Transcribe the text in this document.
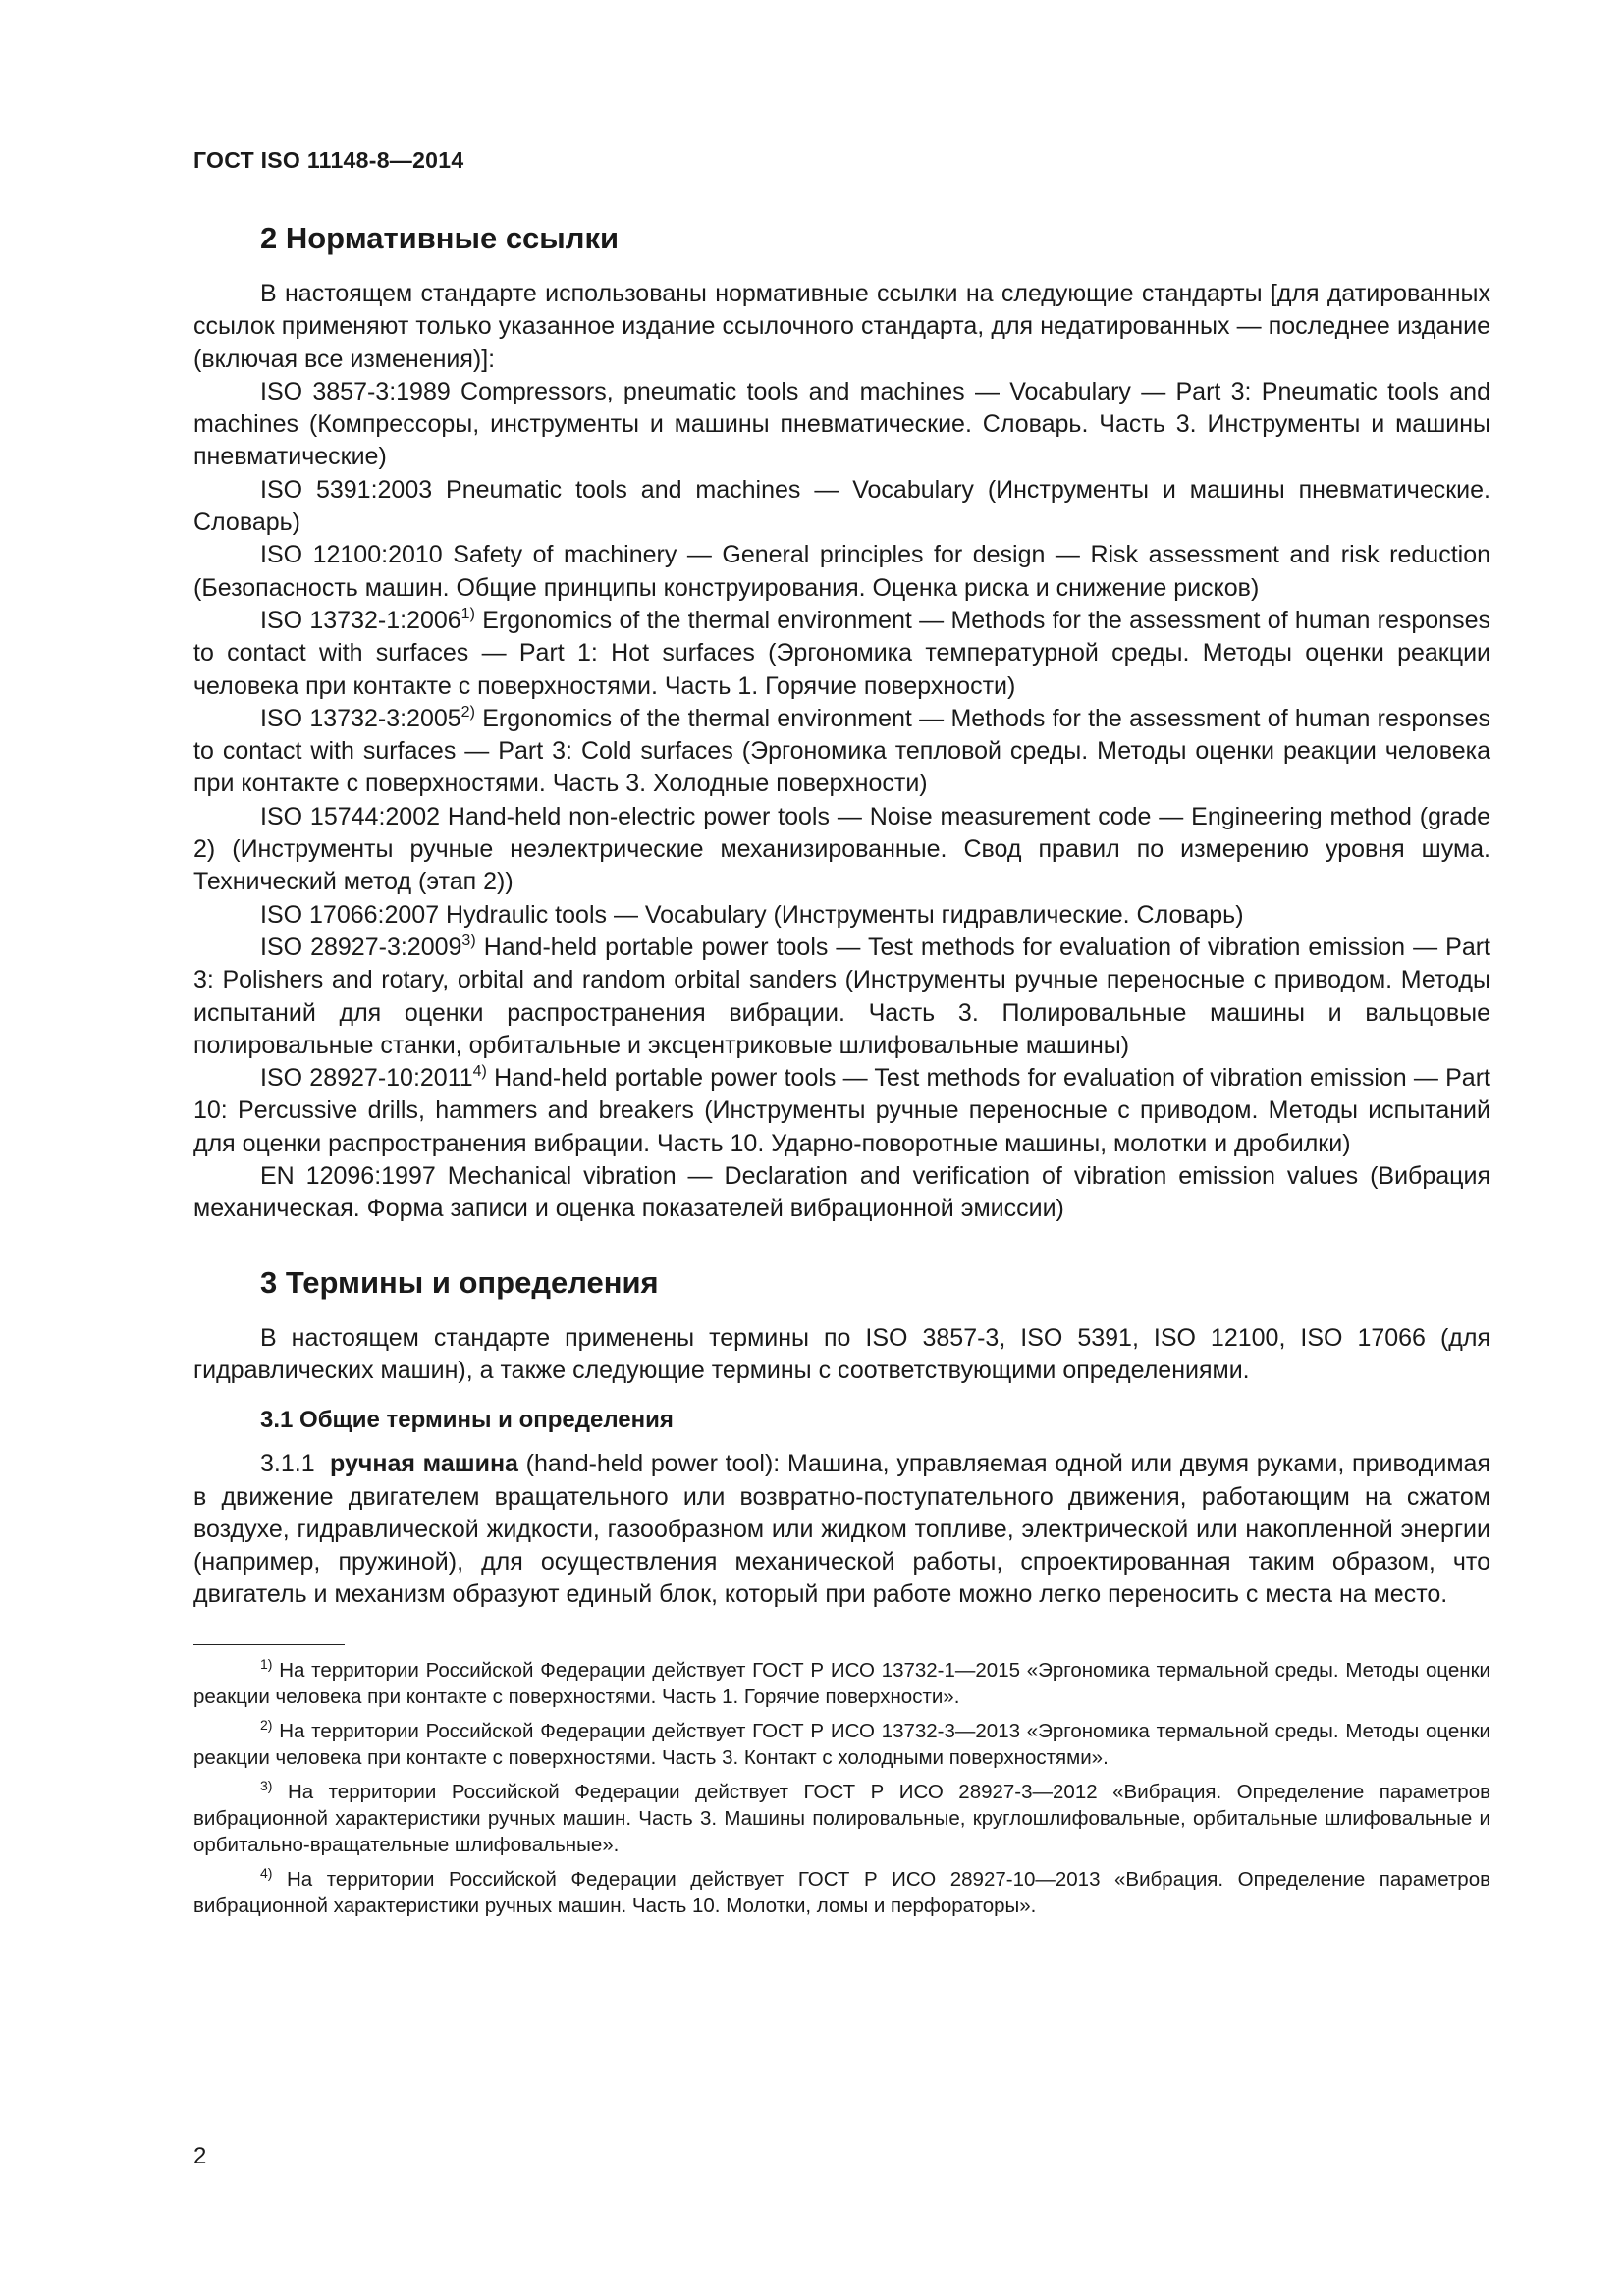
ГОСТ ISO 11148-8—2014
2 Нормативные ссылки

В настоящем стандарте использованы нормативные ссылки на следующие стандарты [для датированных ссылок применяют только указанное издание ссылочного стандарта, для недатированных — последнее издание (включая все изменения)]:

ISO 3857-3:1989 Compressors, pneumatic tools and machines — Vocabulary — Part 3: Pneumatic tools and machines (Компрессоры, инструменты и машины пневматические. Словарь. Часть 3. Инструменты и машины пневматические)

ISO 5391:2003 Pneumatic tools and machines — Vocabulary (Инструменты и машины пневматические. Словарь)

ISO 12100:2010 Safety of machinery — General principles for design — Risk assessment and risk reduction (Безопасность машин. Общие принципы конструирования. Оценка риска и снижение рисков)

ISO 13732-1:2006$^{1)}$ Ergonomics of the thermal environment — Methods for the assessment of human responses to contact with surfaces — Part 1: Hot surfaces (Эргономика температурной среды. Методы оценки реакции человека при контакте с поверхностями. Часть 1. Горячие поверхности)

ISO 13732-3:2005$^{2)}$ Ergonomics of the thermal environment — Methods for the assessment of human responses to contact with surfaces — Part 3: Cold surfaces (Эргономика тепловой среды. Методы оценки реакции человека при контакте с поверхностями. Часть 3. Холодные поверхности)

ISO 15744:2002 Hand-held non-electric power tools — Noise measurement code — Engineering method (grade 2) (Инструменты ручные неэлектрические механизированные. Свод правил по измерению уровня шума. Технический метод (этап 2))

ISO 17066:2007 Hydraulic tools — Vocabulary (Инструменты гидравлические. Словарь)

ISO 28927-3:2009$^{3)}$ Hand-held portable power tools — Test methods for evaluation of vibration emission — Part 3: Polishers and rotary, orbital and random orbital sanders (Инструменты ручные переносные с приводом. Методы испытаний для оценки распространения вибрации. Часть 3. Полировальные машины и вальцовые полировальные станки, орбитальные и эксцентриковые шлифовальные машины)

ISO 28927-10:2011$^{4)}$ Hand-held portable power tools — Test methods for evaluation of vibration emission — Part 10: Percussive drills, hammers and breakers (Инструменты ручные переносные с приводом. Методы испытаний для оценки распространения вибрации. Часть 10. Ударно-поворотные машины, молотки и дробилки)

EN 12096:1997 Mechanical vibration — Declaration and verification of vibration emission values (Вибрация механическая. Форма записи и оценка показателей вибрационной эмиссии)

3 Термины и определения

В настоящем стандарте применены термины по ISO 3857-3, ISO 5391, ISO 12100, ISO 17066 (для гидравлических машин), а также следующие термины с соответствующими определениями.

3.1 Общие термины и определения

3.1.1 ручная машина (hand-held power tool): Машина, управляемая одной или двумя руками, приводимая в движение двигателем вращательного или возвратно-поступательного движения, работающим на сжатом воздухе, гидравлической жидкости, газообразном или жидком топливе, электрической или накопленной энергии (например, пружиной), для осуществления механической работы, спроектированная таким образом, что двигатель и механизм образуют единый блок, который при работе можно легко переносить с места на место.

$^{1)}$ На территории Российской Федерации действует ГОСТ Р ИСО 13732-1—2015 «Эргономика термальной среды. Методы оценки реакции человека при контакте с поверхностями. Часть 1. Горячие поверхности».

$^{2)}$ На территории Российской Федерации действует ГОСТ Р ИСО 13732-3—2013 «Эргономика термальной среды. Методы оценки реакции человека при контакте с поверхностями. Часть 3. Контакт с холодными поверхностями».

$^{3)}$ На территории Российской Федерации действует ГОСТ Р ИСО 28927-3—2012 «Вибрация. Определение параметров вибрационной характеристики ручных машин. Часть 3. Машины полировальные, круглошлифовальные, орбитальные шлифовальные и орбитально-вращательные шлифовальные».

$^{4)}$ На территории Российской Федерации действует ГОСТ Р ИСО 28927-10—2013 «Вибрация. Определение параметров вибрационной характеристики ручных машин. Часть 10. Молотки, ломы и перфораторы».

2
